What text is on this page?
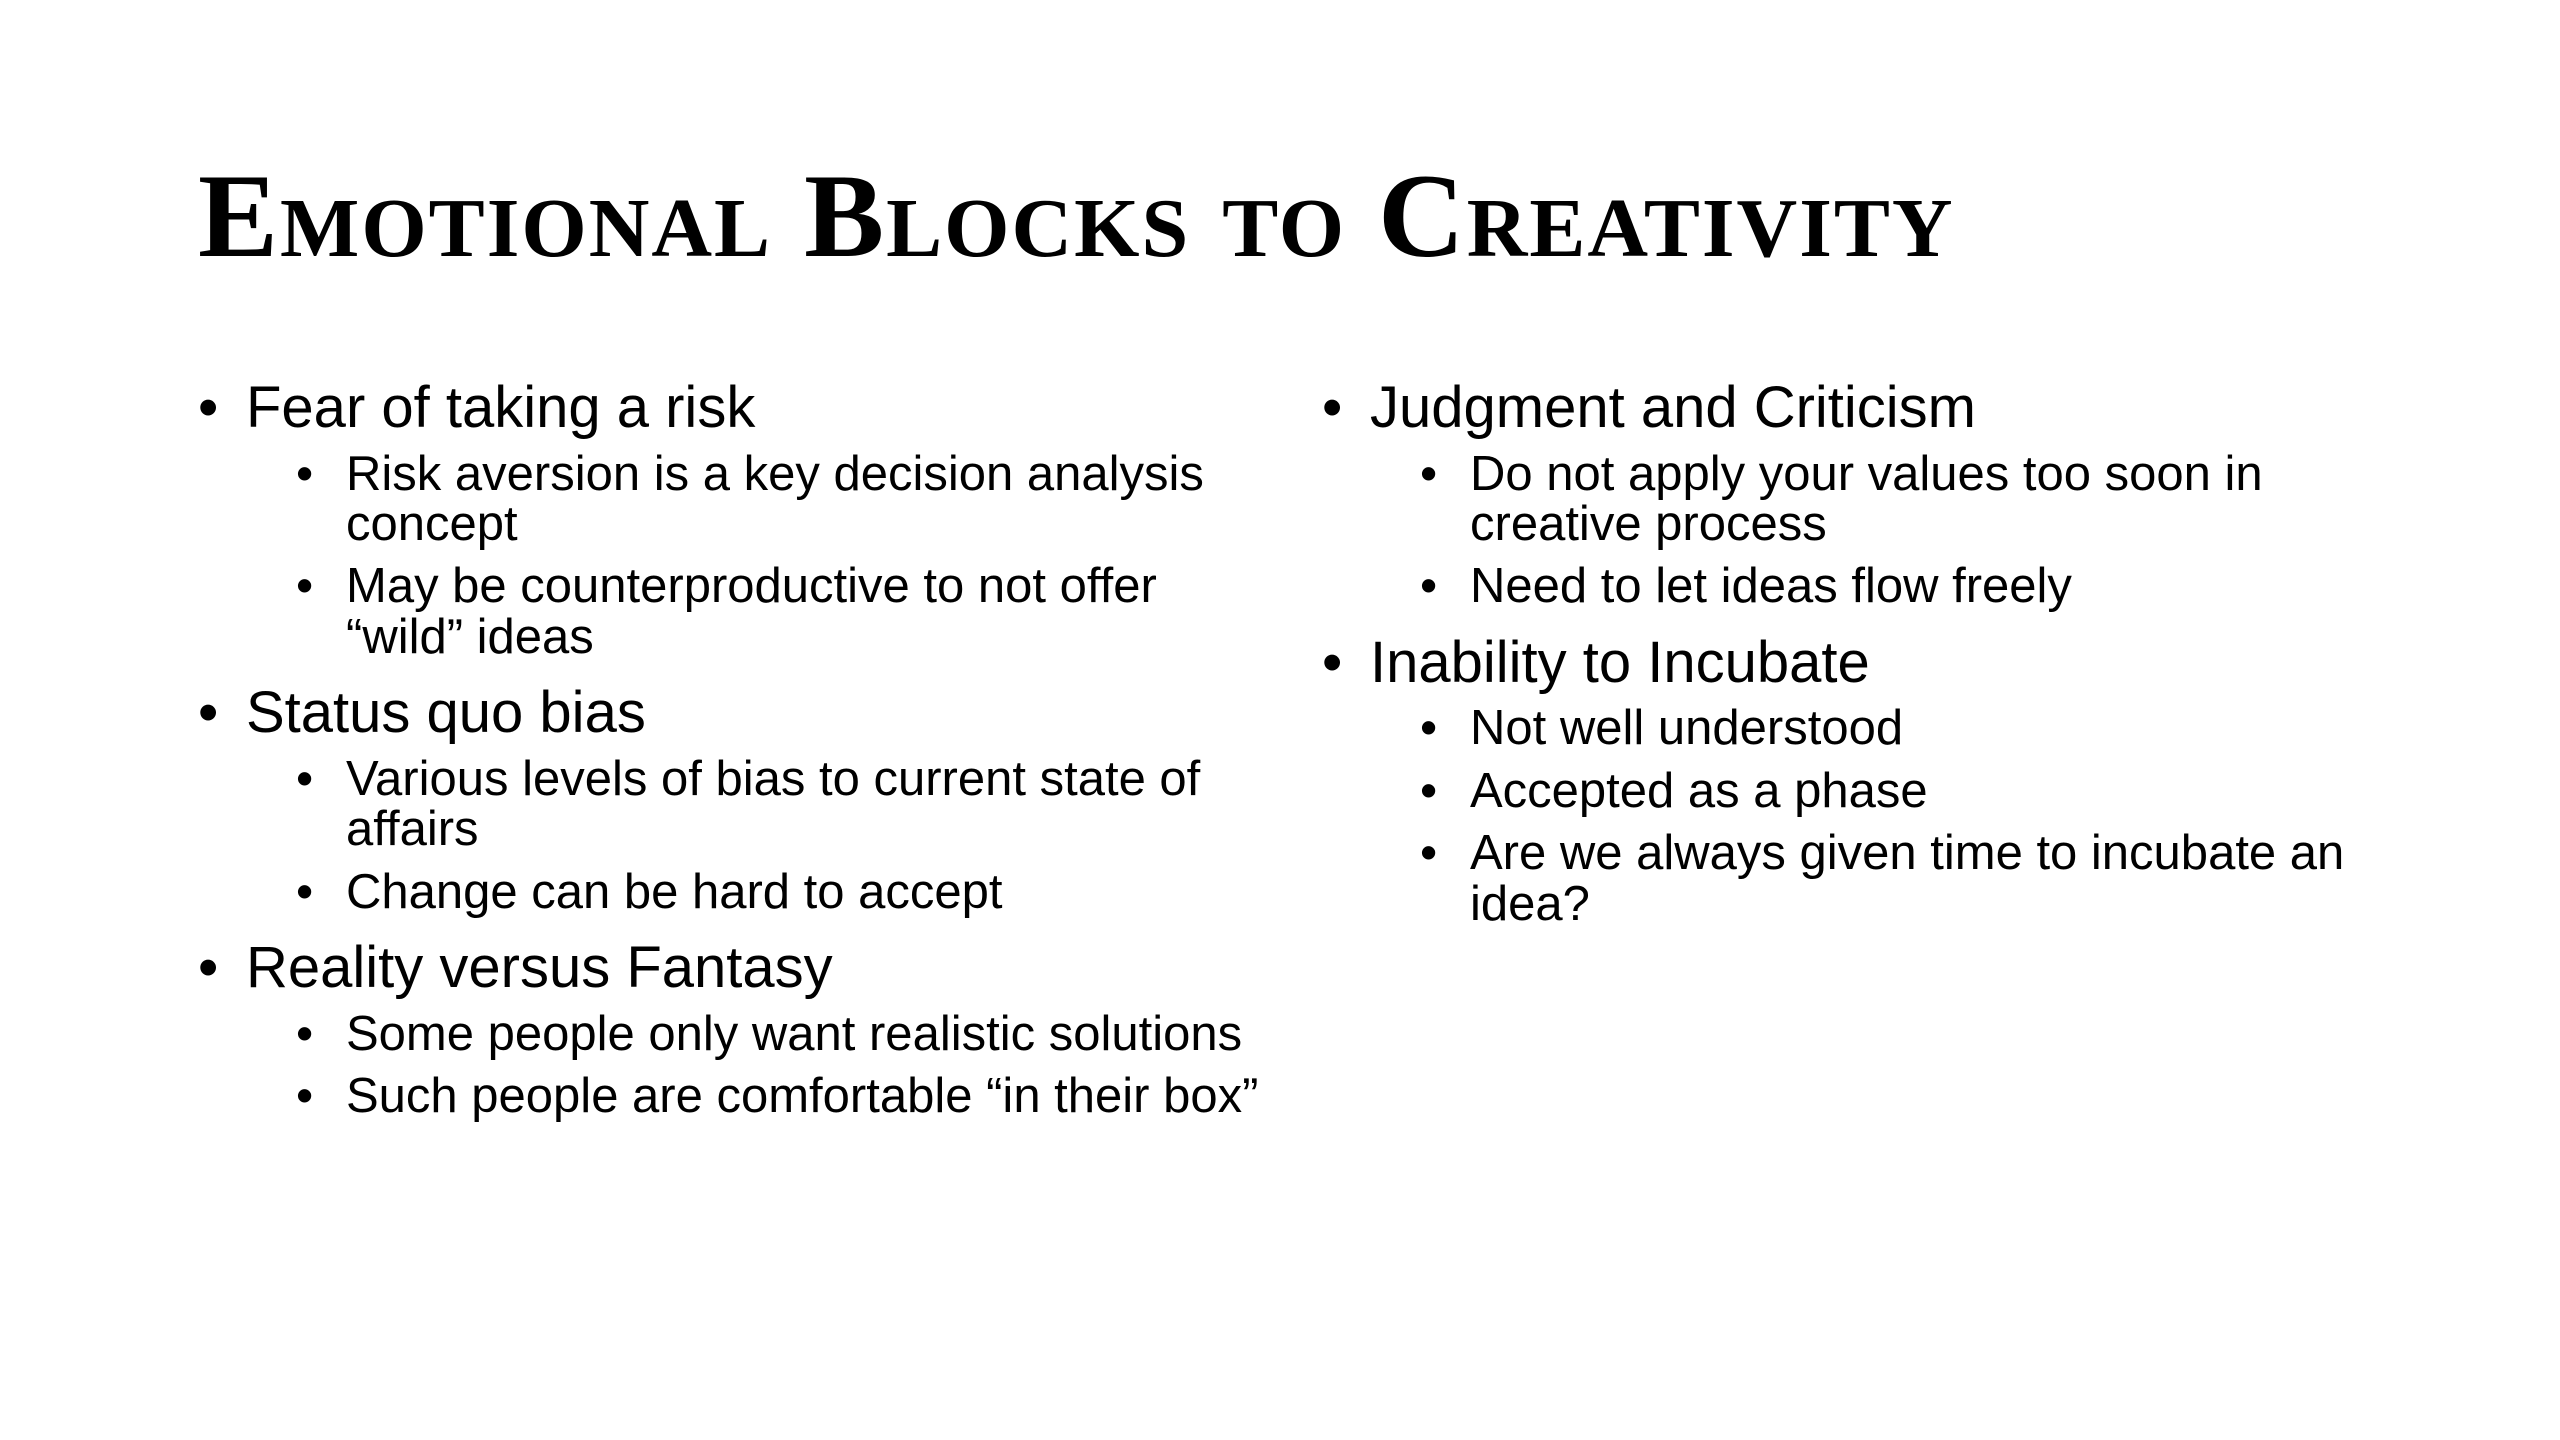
Emotional Blocks to Creativity
• Fear of taking a risk
• Risk aversion is a key decision analysis concept
• May be counterproductive to not offer “wild” ideas
• Status quo bias
• Various levels of bias to current state of affairs
• Change can be hard to accept
• Reality versus Fantasy
• Some people only want realistic solutions
• Such people are comfortable “in their box”
• Judgment and Criticism
• Do not apply your values too soon in creative process
• Need to let ideas flow freely
• Inability to Incubate
• Not well understood
• Accepted as a phase
• Are we always given time to incubate an idea?
